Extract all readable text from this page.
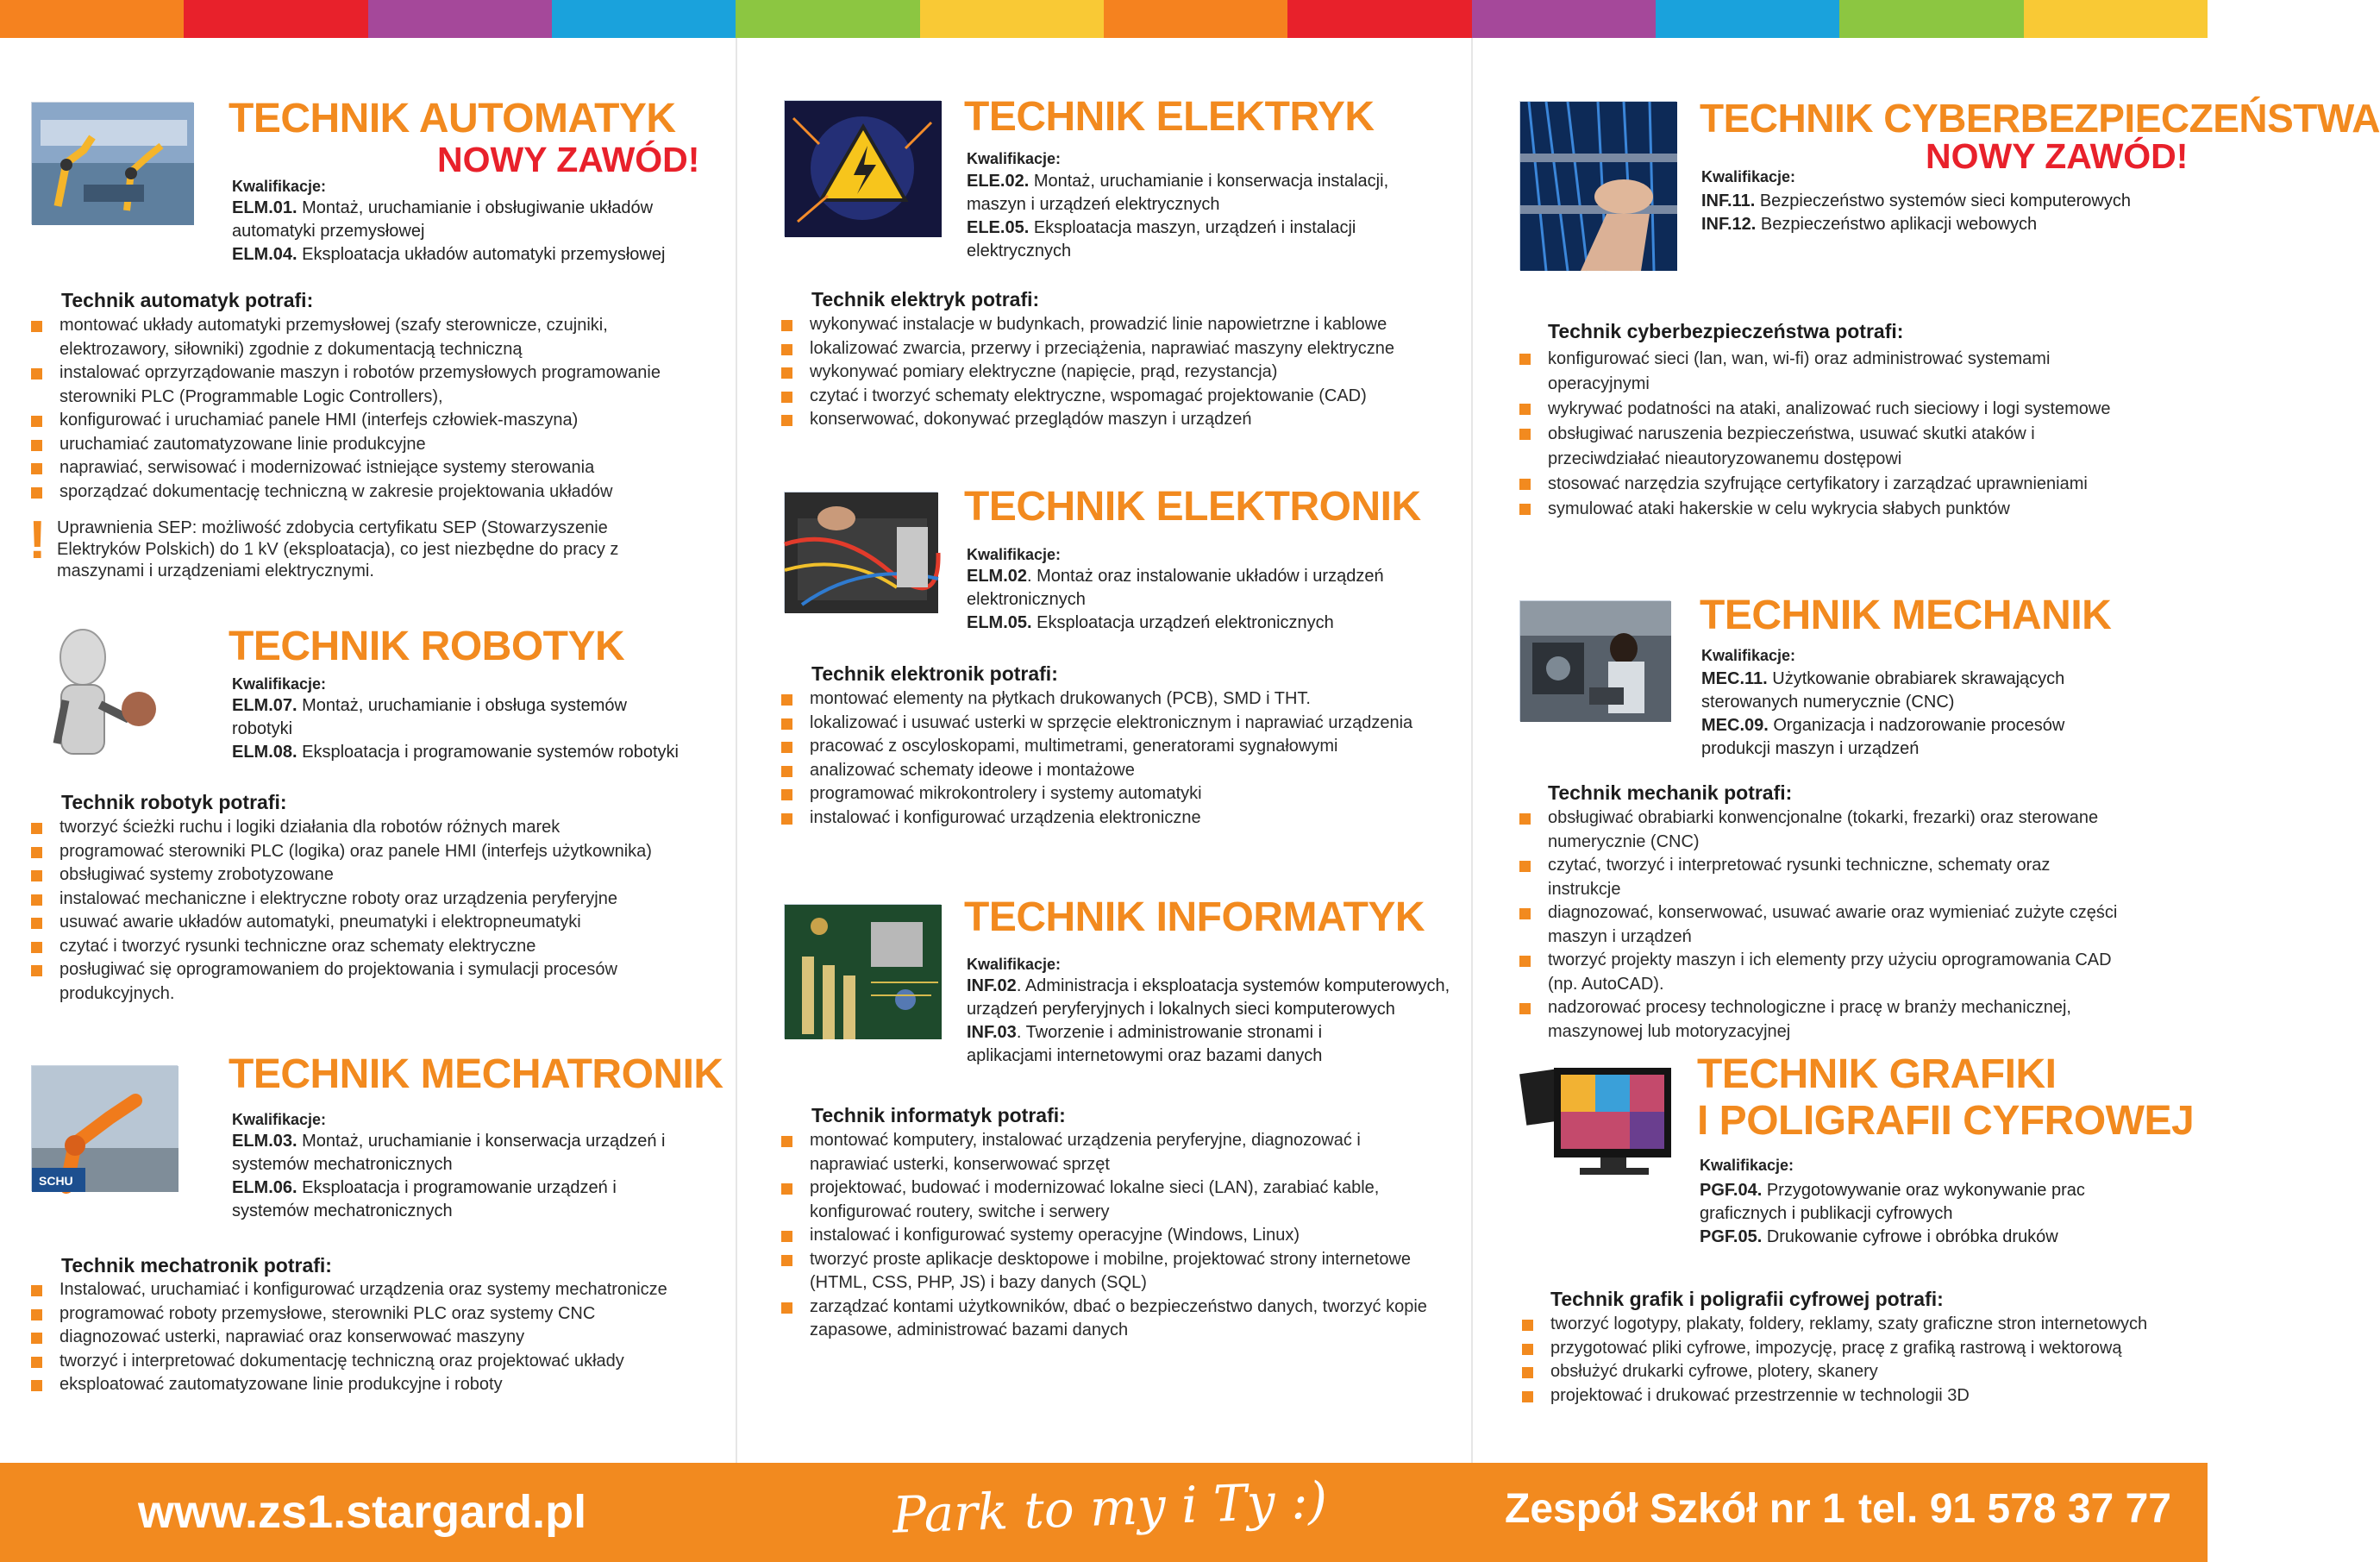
TECHNIK AUTOMATYK
NOWY ZAWÓD!
Kwalifikacje:
ELM.01. Montaż, uruchamianie i obsługiwanie układów automatyki przemysłowej
ELM.04. Eksploatacja układów automatyki przemysłowej
Technik automatyk potrafi:
montować układy automatyki przemysłowej (szafy sterownicze, czujniki, elektrozawory, siłowniki) zgodnie z dokumentacją techniczną
instalować oprzyrządowanie maszyn i robotów przemysłowych programowanie sterowniki PLC (Programmable Logic Controllers),
konfigurować i uruchamiać panele HMI (interfejs człowiek-maszyna)
uruchamiać zautomatyzowane linie produkcyjne
naprawiać, serwisować i modernizować istniejące systemy sterowania
sporządzać dokumentację techniczną w zakresie projektowania układów
! Uprawnienia SEP: możliwość zdobycia certyfikatu SEP (Stowarzyszenie Elektryków Polskich) do 1 kV (eksploatacja), co jest niezbędne do pracy z maszynami i urządzeniami elektrycznymi.
TECHNIK ROBOTYK
Kwalifikacje:
ELM.07. Montaż, uruchamianie i obsługa systemów robotyki
ELM.08. Eksploatacja i programowanie systemów robotyki
Technik robotyk potrafi:
tworzyć ścieżki ruchu i logiki działania dla robotów różnych marek
programować sterowniki PLC (logika) oraz panele HMI (interfejs użytkownika)
obsługiwać systemy zrobotyzowane
instalować mechaniczne i elektryczne roboty oraz urządzenia peryferyjne
usuwać awarie układów automatyki, pneumatyki i elektropneumatyki
czytać i tworzyć rysunki techniczne oraz schematy elektryczne
posługiwać się oprogramowaniem do projektowania i symulacji procesów produkcyjnych.
SCHU
TECHNIK MECHATRONIK
Kwalifikacje:
ELM.03. Montaż, uruchamianie i konserwacja urządzeń i systemów mechatronicznych
ELM.06. Eksploatacja i programowanie urządzeń i systemów mechatronicznych
Technik mechatronik potrafi:
Instalować, uruchamiać i konfigurować urządzenia oraz systemy mechatronicze
programować roboty przemysłowe, sterowniki PLC oraz systemy CNC
diagnozować usterki, naprawiać oraz konserwować maszyny
tworzyć i interpretować dokumentację techniczną oraz projektować układy
eksploatować zautomatyzowane linie produkcyjne i roboty
TECHNIK ELEKTRYK
Kwalifikacje:
ELE.02. Montaż, uruchamianie i konserwacja instalacji, maszyn i urządzeń elektrycznych
ELE.05. Eksploatacja maszyn, urządzeń i instalacji elektrycznych
Technik elektryk potrafi:
wykonywać instalacje w budynkach, prowadzić linie napowietrzne i kablowe
lokalizować zwarcia, przerwy i przeciążenia, naprawiać maszyny elektryczne
wykonywać pomiary elektryczne (napięcie, prąd, rezystancja)
czytać i tworzyć schematy elektryczne, wspomagać projektowanie (CAD)
konserwować, dokonywać przeglądów maszyn i urządzeń
TECHNIK ELEKTRONIK
Kwalifikacje:
ELM.02. Montaż oraz instalowanie układów i urządzeń elektronicznych
ELM.05. Eksploatacja urządzeń elektronicznych
Technik elektronik potrafi:
montować elementy na płytkach drukowanych (PCB), SMD i THT.
lokalizować i usuwać usterki w sprzęcie elektronicznym i naprawiać urządzenia
pracować z oscyloskopami, multimetrami, generatorami sygnałowymi
analizować schematy ideowe i montażowe
programować mikrokontrolery i systemy automatyki
instalować i konfigurować urządzenia elektroniczne
TECHNIK INFORMATYK
Kwalifikacje:
INF.02. Administracja i eksploatacja systemów komputerowych, urządzeń peryferyjnych i lokalnych sieci komputerowych
INF.03. Tworzenie i administrowanie stronami i aplikacjami internetowymi oraz bazami danych
Technik informatyk potrafi:
montować komputery, instalować urządzenia peryferyjne, diagnozować i naprawiać usterki, konserwować sprzęt
projektować, budować i modernizować lokalne sieci (LAN), zarabiać kable, konfigurować routery, switche i serwery
instalować i konfigurować systemy operacyjne (Windows, Linux)
tworzyć proste aplikacje desktopowe i mobilne, projektować strony internetowe (HTML, CSS, PHP, JS) i bazy danych (SQL)
zarządzać kontami użytkowników, dbać o bezpieczeństwo danych, tworzyć kopie zapasowe, administrować bazami danych
TECHNIK CYBERBEZPIECZEŃSTWA
NOWY ZAWÓD!
Kwalifikacje:
INF.11. Bezpieczeństwo systemów sieci komputerowych
INF.12. Bezpieczeństwo aplikacji webowych
Technik cyberbezpieczeństwa potrafi:
konfigurować sieci (lan, wan, wi-fi) oraz administrować systemami operacyjnymi
wykrywać podatności na ataki, analizować ruch sieciowy i logi systemowe
obsługiwać naruszenia bezpieczeństwa, usuwać skutki ataków i przeciwdziałać nieautoryzowanemu dostępowi
stosować narzędzia szyfrujące certyfikatory i zarządzać uprawnieniami
symulować ataki hakerskie w celu wykrycia słabych punktów
TECHNIK MECHANIK
Kwalifikacje:
MEC.11. Użytkowanie obrabiarek skrawających sterowanych numerycznie (CNC)
MEC.09. Organizacja i nadzorowanie procesów produkcji maszyn i urządzeń
Technik mechanik potrafi:
obsługiwać obrabiarki konwencjonalne (tokarki, frezarki) oraz sterowane numerycznie (CNC)
czytać, tworzyć i interpretować rysunki techniczne, schematy oraz instrukcje
diagnozować, konserwować, usuwać awarie oraz wymieniać zużyte części maszyn i urządzeń
tworzyć projekty maszyn i ich elementy przy użyciu oprogramowania CAD (np. AutoCAD).
nadzorować procesy technologiczne i pracę w branży mechanicznej, maszynowej lub motoryzacyjnej
TECHNIK GRAFIKI
I POLIGRAFII CYFROWEJ
Kwalifikacje:
PGF.04. Przygotowywanie oraz wykonywanie prac graficznych i publikacji cyfrowych
PGF.05. Drukowanie cyfrowe i obróbka druków
Technik grafik i poligrafii cyfrowej potrafi:
tworzyć logotypy, plakaty, foldery, reklamy, szaty graficzne stron internetowych
przygotować pliki cyfrowe, impozycję, pracę z grafiką rastrową i wektorową
obsłużyć drukarki cyfrowe, plotery, skanery
projektować i drukować przestrzennie w technologii 3D
www.zs1.stargard.pl	Park to my i Ty :)	Zespół Szkół nr 1 tel. 91 578 37 77
